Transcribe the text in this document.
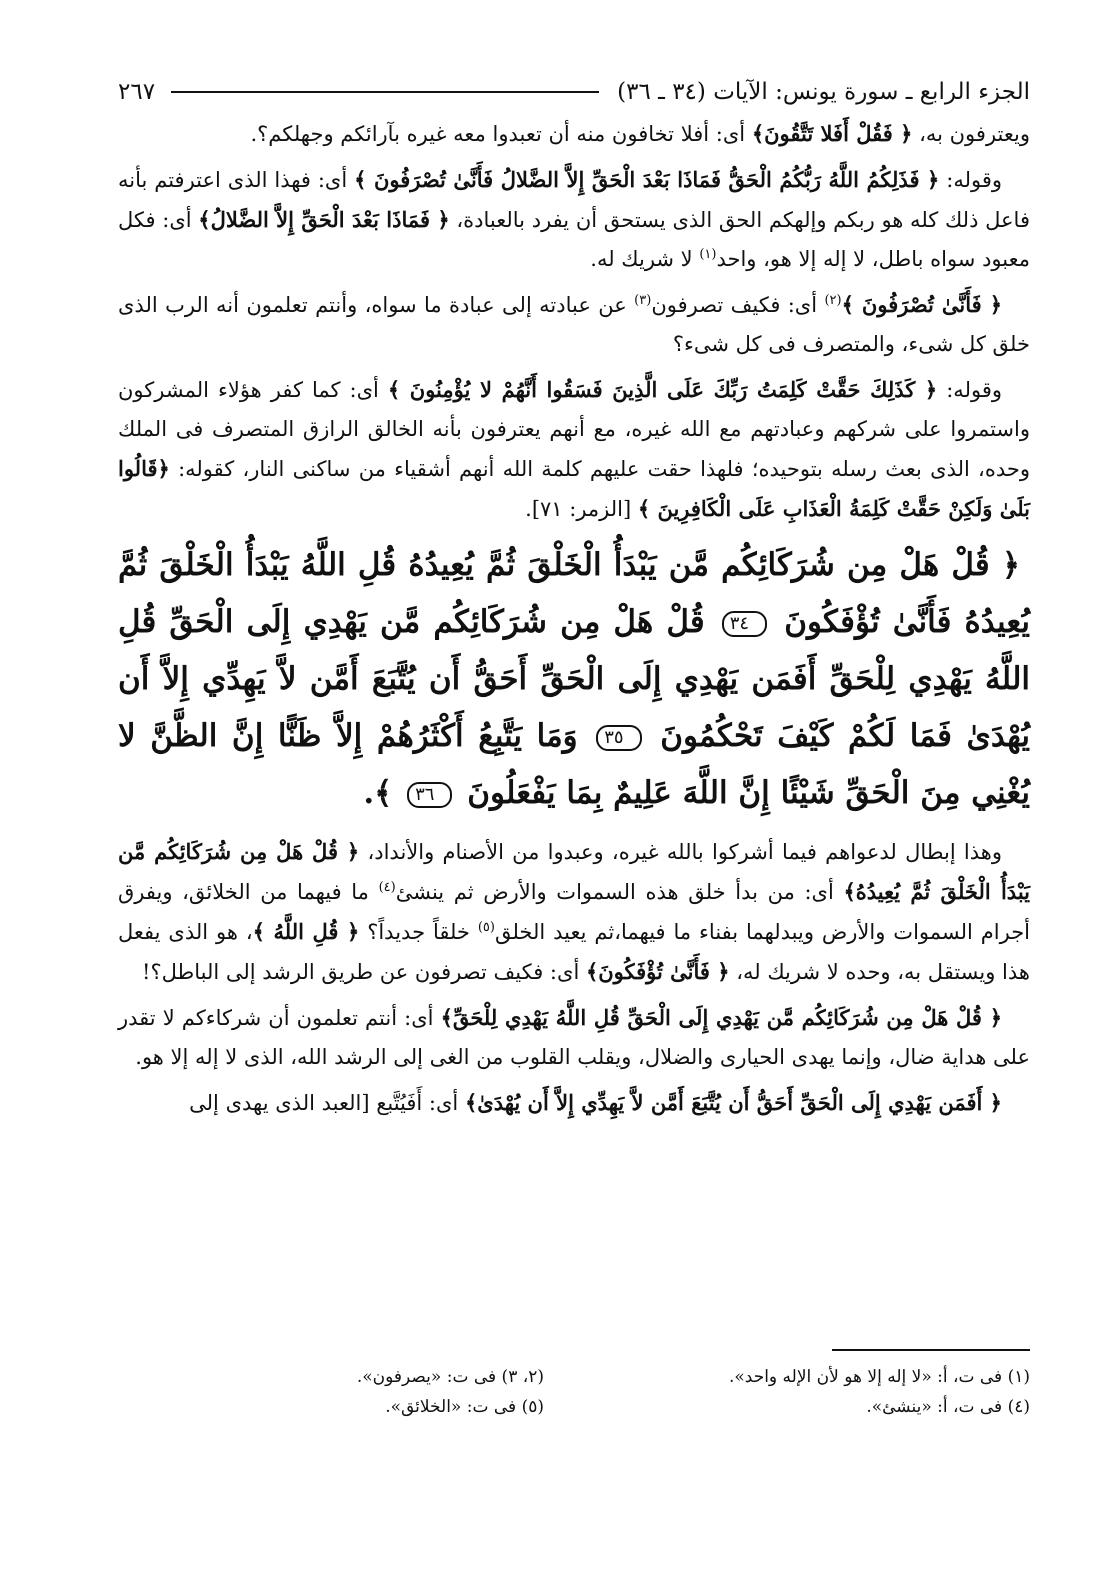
الجزء الرابع ـ سورة يونس: الآيات (٣٤ ـ ٣٦)
٢٦٧

ويعترفون به، ﴿ فَقُلْ أَفَلا تَتَّقُونَ﴾ أى: أفلا تخافون منه أن تعبدوا معه غيره بآرائكم وجهلكم؟.

وقوله: ﴿ فَذَلِكُمُ اللَّهُ رَبُّكُمُ الْحَقُّ فَمَاذَا بَعْدَ الْحَقِّ إِلاَّ الضَّلالُ فَأَنَّىٰ تُصْرَفُونَ ﴾ أى: فهذا الذى اعترفتم بأنه فاعل ذلك كله هو ربكم وإلهكم الحق الذى يستحق أن يفرد بالعبادة، ﴿ فَمَاذَا بَعْدَ الْحَقِّ إِلاَّ الضَّلالُ﴾ أى: فكل معبود سواه باطل، لا إله إلا هو، واحد$^{(١)}$ لا شريك له.

﴿ فَأَنَّىٰ تُصْرَفُونَ ﴾$^{(٢)}$ أى: فكيف تصرفون$^{(٣)}$ عن عبادته إلى عبادة ما سواه، وأنتم تعلمون أنه الرب الذى خلق كل شىء، والمتصرف فى كل شىء؟

وقوله: ﴿ كَذَلِكَ حَقَّتْ كَلِمَتُ رَبِّكَ عَلَى الَّذِينَ فَسَقُوا أَنَّهُمْ لا يُؤْمِنُونَ ﴾ أى: كما كفر هؤلاء المشركون واستمروا على شركهم وعبادتهم مع الله غيره، مع أنهم يعترفون بأنه الخالق الرازق المتصرف فى الملك وحده، الذى بعث رسله بتوحيده؛ فلهذا حقت عليهم كلمة الله أنهم أشقياء من ساكنى النار، كقوله: ﴿قَالُوا بَلَىٰ وَلَكِنْ حَقَّتْ كَلِمَةُ الْعَذَابِ عَلَى الْكَافِرِينَ ﴾ [الزمر: ٧١].

﴿ قُلْ هَلْ مِن شُرَكَائِكُم مَّن يَبْدَأُ الْخَلْقَ ثُمَّ يُعِيدُهُ قُلِ اللَّهُ يَبْدَأُ الْخَلْقَ ثُمَّ يُعِيدُهُ فَأَنَّىٰ تُؤْفَكُونَ ٣٤ قُلْ هَلْ مِن شُرَكَائِكُم مَّن يَهْدِي إِلَى الْحَقِّ قُلِ اللَّهُ يَهْدِي لِلْحَقِّ أَفَمَن يَهْدِي إِلَى الْحَقِّ أَحَقُّ أَن يُتَّبَعَ أَمَّن لاَّ يَهِدِّي إِلاَّ أَن يُهْدَىٰ فَمَا لَكُمْ كَيْفَ تَحْكُمُونَ ٣٥ وَمَا يَتَّبِعُ أَكْثَرُهُمْ إِلاَّ ظَنًّا إِنَّ الظَّنَّ لا يُغْنِي مِنَ الْحَقِّ شَيْئًا إِنَّ اللَّهَ عَلِيمٌ بِمَا يَفْعَلُونَ ٣٦ ﴾.

وهذا إبطال لدعواهم فيما أشركوا بالله غيره، وعبدوا من الأصنام والأنداد، ﴿ قُلْ هَلْ مِن شُرَكَائِكُم مَّن يَبْدَأُ الْخَلْقَ ثُمَّ يُعِيدُهُ﴾ أى: من بدأ خلق هذه السموات والأرض ثم ينشئ$^{(٤)}$ ما فيهما من الخلائق، ويفرق أجرام السموات والأرض ويبدلهما بفناء ما فيهما،ثم يعيد الخلق$^{(٥)}$ خلقاً جديداً؟ ﴿ قُلِ اللَّهُ ﴾، هو الذى يفعل هذا ويستقل به، وحده لا شريك له، ﴿ فَأَنَّىٰ تُؤْفَكُونَ﴾ أى: فكيف تصرفون عن طريق الرشد إلى الباطل؟!

﴿ قُلْ هَلْ مِن شُرَكَائِكُم مَّن يَهْدِي إِلَى الْحَقِّ قُلِ اللَّهُ يَهْدِي لِلْحَقِّ﴾ أى: أنتم تعلمون أن شركاءكم لا تقدر على هداية ضال، وإنما يهدى الحيارى والضلال، ويقلب القلوب من الغى إلى الرشد الله، الذى لا إله إلا هو.

﴿ أَفَمَن يَهْدِي إِلَى الْحَقِّ أَحَقُّ أَن يُتَّبَعَ أَمَّن لاَّ يَهِدِّي إِلاَّ أَن يُهْدَىٰ﴾ أى: أَفَيُتَّبع [العبد الذى يهدى إلى

(١) فى ت، أ: «لا إله إلا هو لأن الإله واحد».
(٢، ٣) فى ت: «يصرفون».
(٤) فى ت، أ: «ينشئ».
(٥) فى ت: «الخلائق».
